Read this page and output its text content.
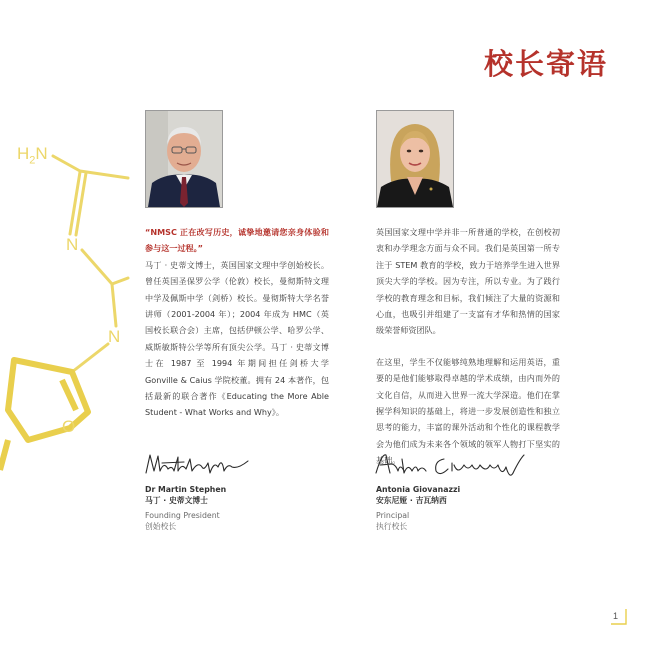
$H_2N$
N
N
O
校长寄语

“NMSC 正在改写历史，诚挚地邀请您亲身体验和参与这一过程。”

马丁 · 史蒂文博士，英国国家文理中学创始校长。曾任英国圣保罗公学（伦敦）校长，曼彻斯特文理中学及佩斯中学（剑桥）校长。曼彻斯特大学名誉讲师（2001-2004 年）；2004 年成为 HMC（英国校长联合会）主席，包括伊顿公学、哈罗公学、威斯敏斯特公学等所有顶尖公学。马丁 · 史蒂文博士在 1987 至 1994 年期间担任剑桥大学 Gonville & Caius 学院校董。拥有 24 本著作，包括最新的联合著作《Educating the More Able Student - What Works and Why》。

英国国家文理中学并非一所普通的学校，在创校初衷和办学理念方面与众不同。我们是英国第一所专注于 STEM 教育的学校，致力于培养学生进入世界顶尖大学的学校。因为专注，所以专业。为了践行学校的教育理念和目标，我们倾注了大量的资源和心血，也吸引并组建了一支富有才华和热情的国家级荣誉师资团队。

在这里，学生不仅能够纯熟地理解和运用英语，重要的是他们能够取得卓越的学术成绩，由内而外的文化自信，从而进入世界一流大学深造。他们在掌握学科知识的基础上，将进一步发展创造性和独立思考的能力，丰富的课外活动和个性化的课程教学会为他们成为未来各个领域的领军人物打下坚实的基础。

Dr Martin Stephen
马丁 · 史蒂文博士
Founding President
创始校长
Antonia Giovanazzi
安东尼娅 · 吉瓦纳西
Principal
执行校长
1
